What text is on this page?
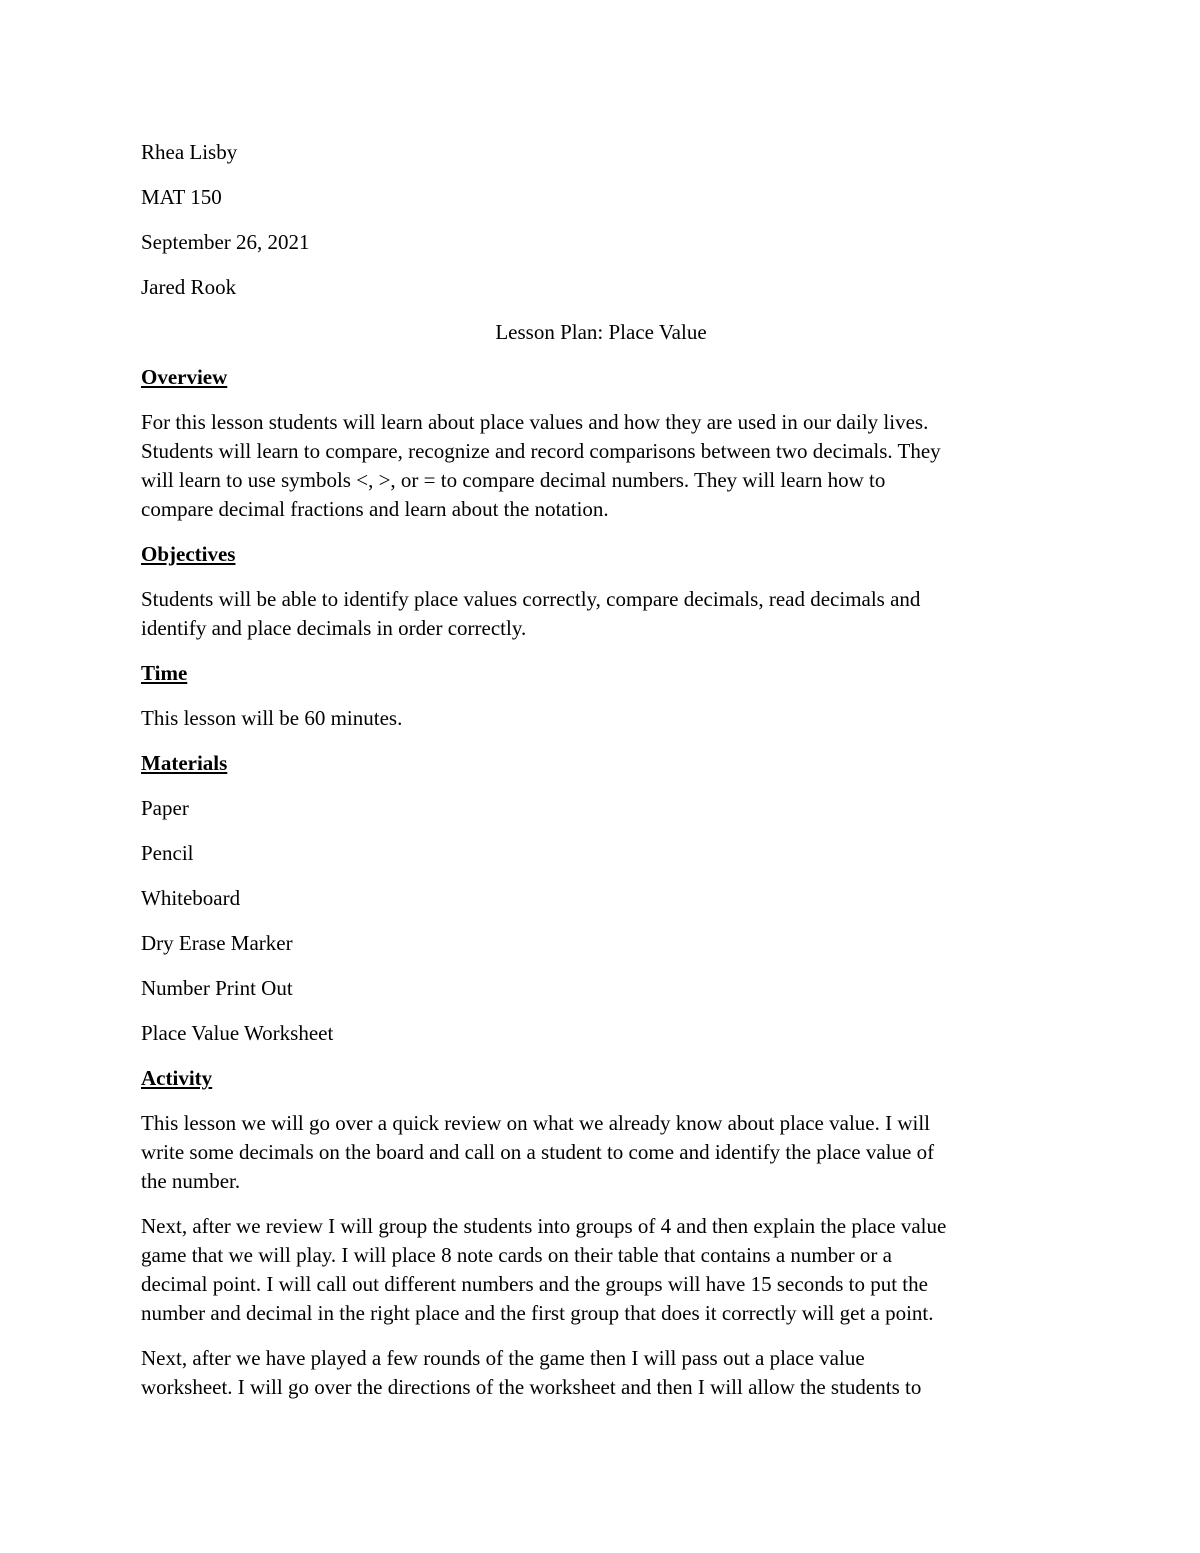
Rhea Lisby
MAT 150
September 26, 2021
Jared Rook
Lesson Plan: Place Value
Overview
For this lesson students will learn about place values and how they are used in our daily lives.
Students will learn to compare, recognize and record comparisons between two decimals. They
will learn to use symbols <, >, or = to compare decimal numbers. They will learn how to
compare decimal fractions and learn about the notation.
Objectives
Students will be able to identify place values correctly, compare decimals, read decimals and
identify and place decimals in order correctly.
Time
This lesson will be 60 minutes.
Materials
Paper
Pencil
Whiteboard
Dry Erase Marker
Number Print Out
Place Value Worksheet
Activity
This lesson we will go over a quick review on what we already know about place value. I will
write some decimals on the board and call on a student to come and identify the place value of
the number.
Next, after we review I will group the students into groups of 4 and then explain the place value
game that we will play. I will place 8 note cards on their table that contains a number or a
decimal point. I will call out different numbers and the groups will have 15 seconds to put the
number and decimal in the right place and the first group that does it correctly will get a point.
Next, after we have played a few rounds of the game then I will pass out a place value
worksheet. I will go over the directions of the worksheet and then I will allow the students to
